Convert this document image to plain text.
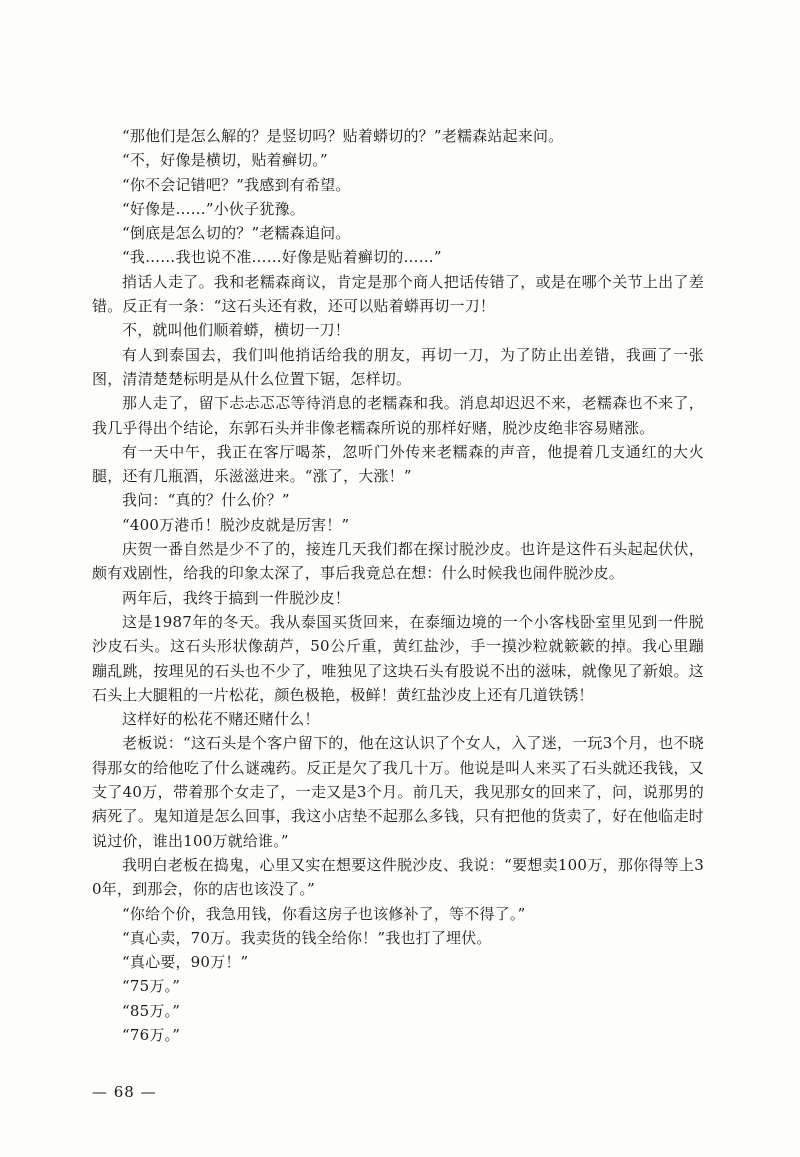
“那他们是怎么解的？是竖切吗？贴着蟒切的？”老糯森站起来问。

“不，好像是横切，贴着癣切。”

“你不会记错吧？”我感到有希望。

“好像是……”小伙子犹豫。

“倒底是怎么切的？”老糯森追问。

“我……我也说不准……好像是贴着癣切的……”

捎话人走了。我和老糯森商议，肯定是那个商人把话传错了，或是在哪个关节上出了差错。反正有一条：“这石头还有救，还可以贴着蟒再切一刀！

不，就叫他们顺着蟒，横切一刀！

有人到泰国去，我们叫他捎话给我的朋友，再切一刀，为了防止出差错，我画了一张图，清清楚楚标明是从什么位置下锯，怎样切。

那人走了，留下忐忐忑忑等待消息的老糯森和我。消息却迟迟不来，老糯森也不来了，我几乎得出个结论，东郭石头并非像老糯森所说的那样好赌，脱沙皮绝非容易赌涨。

有一天中午，我正在客厅喝茶，忽听门外传来老糯森的声音，他提着几支通红的大火腿，还有几瓶酒，乐滋滋进来。“涨了，大涨！”

我问：“真的？什么价？”

“400万港币！脱沙皮就是厉害！”

庆贺一番自然是少不了的，接连几天我们都在探讨脱沙皮。也许是这件石头起起伏伏，颇有戏剧性，给我的印象太深了，事后我竟总在想：什么时候我也闹件脱沙皮。

两年后，我终于搞到一件脱沙皮！

这是1987年的冬天。我从泰国买货回来，在泰缅边境的一个小客栈卧室里见到一件脱沙皮石头。这石头形状像葫芦，50公斤重，黄红盐沙，手一摸沙粒就簌簌的掉。我心里蹦蹦乱跳，按理见的石头也不少了，唯独见了这块石头有股说不出的滋味，就像见了新娘。这石头上大腿粗的一片松花，颜色极艳，极鲜！黄红盐沙皮上还有几道铁锈！

这样好的松花不赌还赌什么！

老板说：“这石头是个客户留下的，他在这认识了个女人，入了迷，一玩3个月，也不晓得那女的给他吃了什么谜魂药。反正是欠了我几十万。他说是叫人来买了石头就还我钱，又支了40万，带着那个女走了，一走又是3个月。前几天，我见那女的回来了，问，说那男的病死了。鬼知道是怎么回事，我这小店垫不起那么多钱，只有把他的货卖了，好在他临走时说过价，谁出100万就给谁。”

我明白老板在捣鬼，心里又实在想要这件脱沙皮、我说：“要想卖100万，那你得等上30年，到那会，你的店也该没了。”

“你给个价，我急用钱，你看这房子也该修补了，等不得了。”

“真心卖，70万。我卖货的钱全给你！”我也打了埋伏。

“真心要，90万！”

“75万。”

“85万。”

“76万。”

— 68 —
